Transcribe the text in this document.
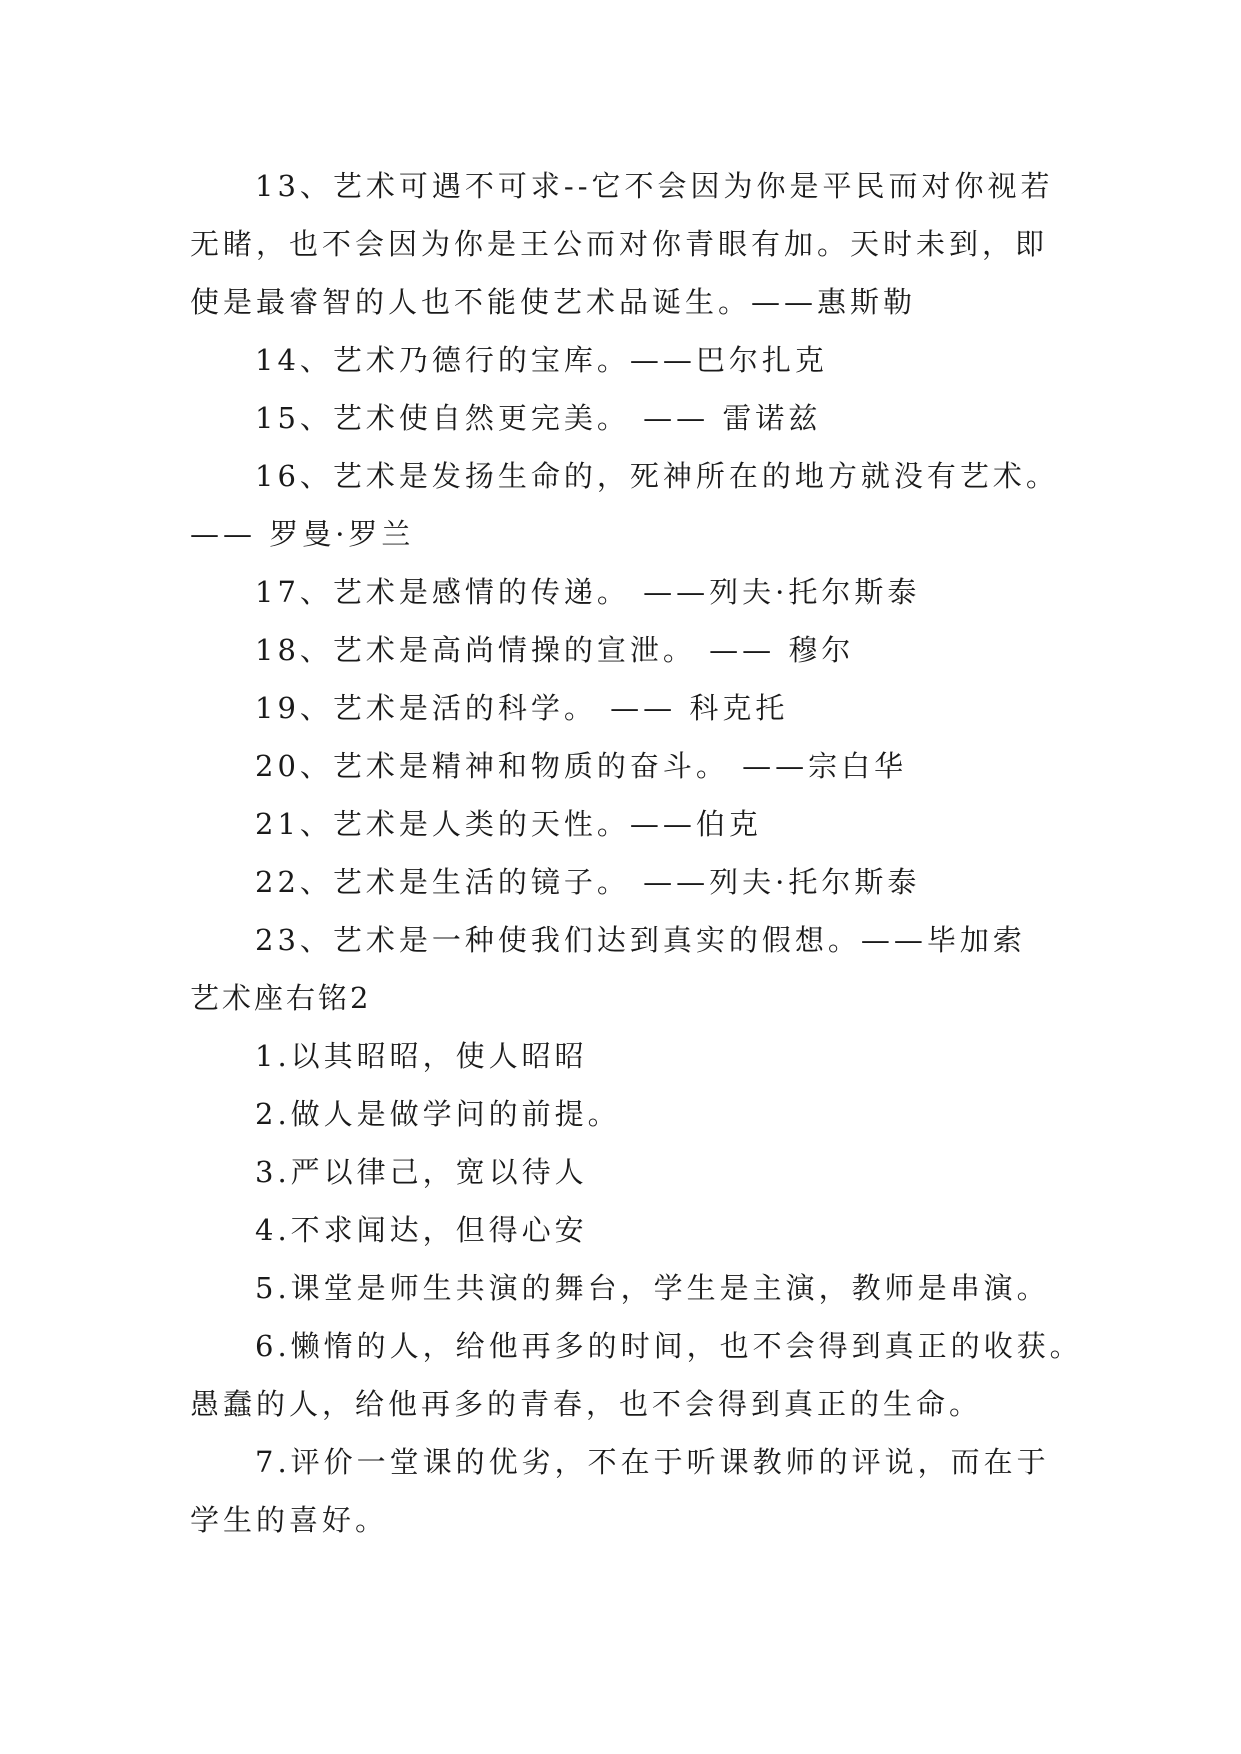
13、艺术可遇不可求--它不会因为你是平民而对你视若
无睹，也不会因为你是王公而对你青眼有加。天时未到，即
使是最睿智的人也不能使艺术品诞生。——惠斯勒
14、艺术乃德行的宝库。——巴尔扎克
15、艺术使自然更完美。 —— 雷诺兹
16、艺术是发扬生命的，死神所在的地方就没有艺术。
—— 罗曼·罗兰
17、艺术是感情的传递。 ——列夫·托尔斯泰
18、艺术是高尚情操的宣泄。 —— 穆尔
19、艺术是活的科学。 —— 科克托
20、艺术是精神和物质的奋斗。 ——宗白华
21、艺术是人类的天性。——伯克
22、艺术是生活的镜子。 ——列夫·托尔斯泰
23、艺术是一种使我们达到真实的假想。——毕加索
艺术座右铭2
1.以其昭昭，使人昭昭
2.做人是做学问的前提。
3.严以律己，宽以待人
4.不求闻达，但得心安
5.课堂是师生共演的舞台，学生是主演，教师是串演。
6.懒惰的人，给他再多的时间，也不会得到真正的收获。
愚蠢的人，给他再多的青春，也不会得到真正的生命。
7.评价一堂课的优劣，不在于听课教师的评说，而在于
学生的喜好。
